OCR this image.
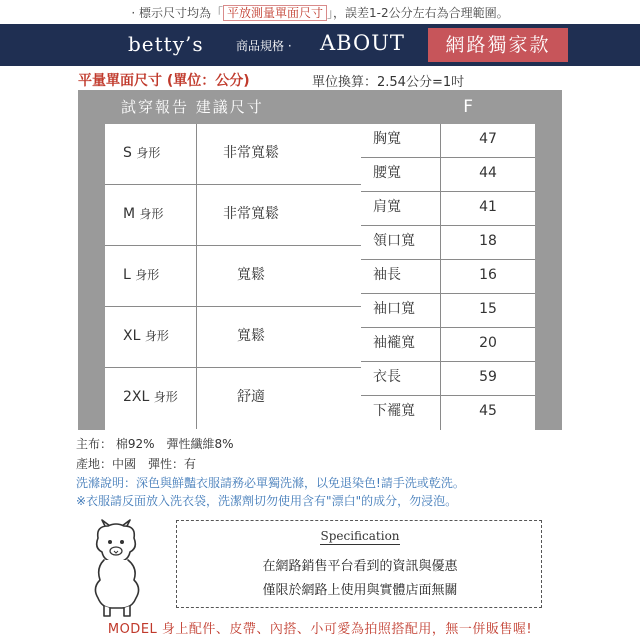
· 標示尺寸均為「 平放測量單面尺寸 」，誤差1-2公分左右為合理範圍。
betty’s	商品規格 · ABOUT	網路獨家款
平量單面尺寸 (單位：公分)	單位換算：2.54公分=1吋
試穿報告 建議尺寸
S 身形	非常寬鬆
M 身形	非常寬鬆
L 身形	寬鬆
XL 身形	寬鬆
2XL 身形	舒適
F
胸寬	47
腰寬	44
肩寬	41
領口寬	18
袖長	16
袖口寬	15
袖襱寬	20
衣長	59
下襬寬	45
主布： 棉92%　彈性纖維8%
產地：中國　彈性：有
洗滌說明：深色與鮮豔衣服請務必單獨洗滌，以免退染色!請手洗或乾洗。
※衣服請反面放入洗衣袋，洗潔劑切勿使用含有"漂白"的成分，勿浸泡。
Specification
在網路銷售平台看到的資訊與優惠
僅限於網路上使用與實體店面無關
MODEL 身上配件、皮帶、內搭、小可愛為拍照搭配用，無一併販售喔!
